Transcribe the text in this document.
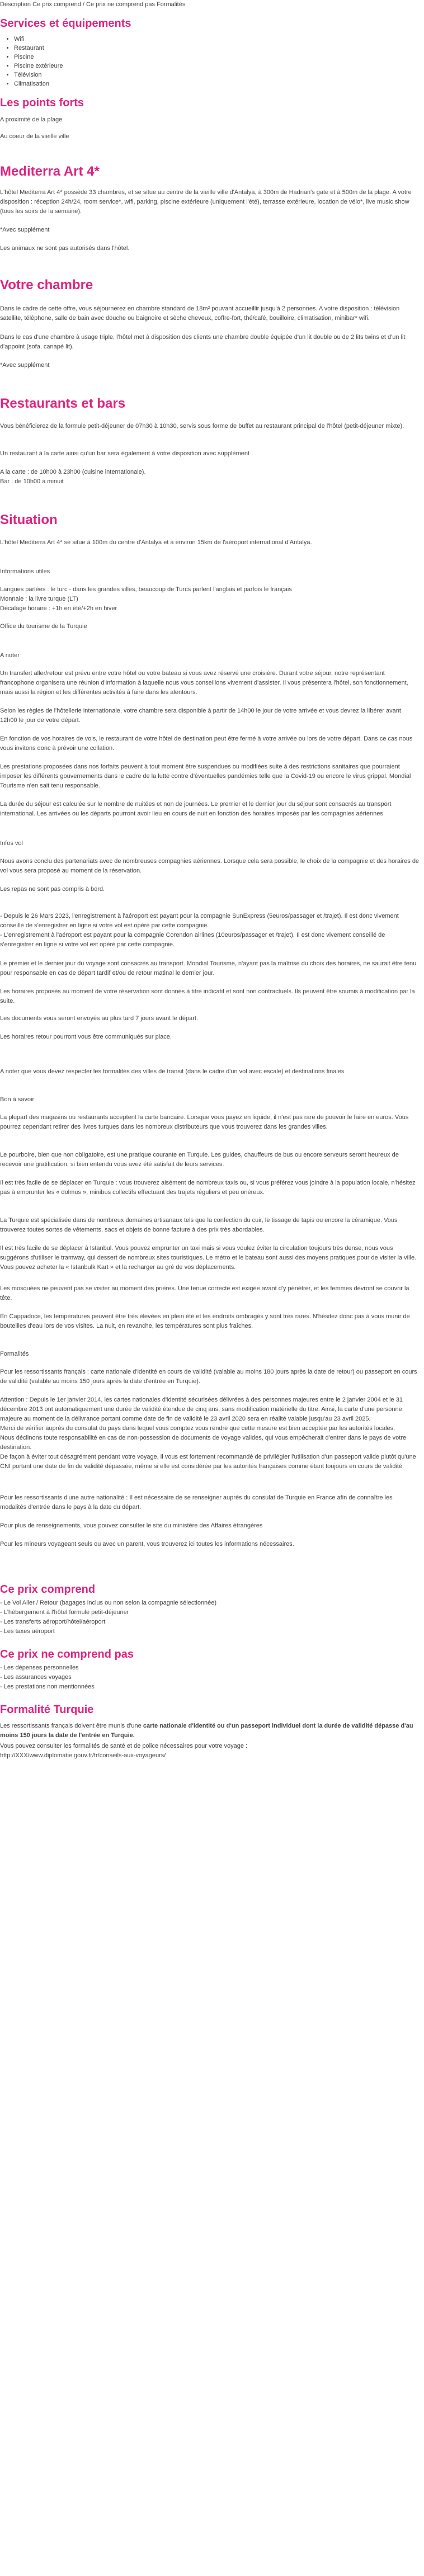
Description Ce prix comprend / Ce prix ne comprend pas Formalités
Services et équipements
• Wifi
• Restaurant
• Piscine
• Piscine extérieure
• Télévision
• Climatisation
Les points forts
A proximité de la plage
Au coeur de la vieille ville
Mediterra Art 4*
L'hôtel Mediterra Art 4* possède 33 chambres, et se situe au centre de la vieille ville d'Antalya, à 300m de Hadrian's gate et à 500m de la plage. A votre disposition : réception 24h/24, room service*, wifi, parking, piscine extérieure (uniquement l'été), terrasse extérieure, location de vélo*, live music show (tous les soirs de la semaine).
*Avec supplément
Les animaux ne sont pas autorisés dans l'hôtel.
Votre chambre
Dans le cadre de cette offre, vous séjournerez en chambre standard de 18m² pouvant accueillir jusqu'à 2 personnes. A votre disposition : télévision satellite, téléphone, salle de bain avec douche ou baignoire et sèche cheveux, coffre-fort, thé/café, bouilloire, climatisation, minibar* wifi.
Dans le cas d'une chambre à usage triple, l'hôtel met à disposition des clients une chambre double équipée d'un lit double ou de 2 lits twins et d'un lit d'appoint (sofa, canapé lit).
*Avec supplément
Restaurants et bars
Vous bénéficierez de la formule petit-déjeuner de 07h30 à 10h30, servis sous forme de buffet au restaurant principal de l'hôtel (petit-déjeuner mixte).
Un restaurant à la carte ainsi qu'un bar sera également à votre disposition avec supplément :
A la carte : de 10h00 à 23h00 (cuisine internationale).
Bar : de 10h00 à minuit
Situation
L'hôtel Mediterra Art 4* se situe à 100m du centre d'Antalya et à environ 15km de l'aéroport international d'Antalya.
Informations utiles
Langues parlées : le turc - dans les grandes villes, beaucoup de Turcs parlent l'anglais et parfois le français
Monnaie : la livre turque (LT)
Décalage horaire : +1h en été/+2h en hiver
Office du tourisme de la Turquie
A noter
Un transfert aller/retour est prévu entre votre hôtel ou votre bateau si vous avez réservé une croisière. Durant votre séjour, notre représentant francophone organisera une réunion d'information à laquelle nous vous conseillons vivement d'assister. Il vous présentera l'hôtel, son fonctionnement, mais aussi la région et les différentes activités à faire dans les alentours.
Selon les règles de l'hôtellerie internationale, votre chambre sera disponible à partir de 14h00 le jour de votre arrivée et vous devrez la libérer avant 12h00 le jour de votre départ.
En fonction de vos horaires de vols, le restaurant de votre hôtel de destination peut être fermé à votre arrivée ou lors de votre départ. Dans ce cas nous vous invitons donc à prévoir une collation.
Les prestations proposées dans nos forfaits peuvent à tout moment être suspendues ou modifiées suite à des restrictions sanitaires que pourraient imposer les différents gouvernements dans le cadre de la lutte contre d'éventuelles pandémies telle que la Covid-19 ou encore le virus grippal. Mondial Tourisme n'en sait tenu responsable.
La durée du séjour est calculée sur le nombre de nuitées et non de journées. Le premier et le dernier jour du séjour sont consacrés au transport international. Les arrivées ou les départs pourront avoir lieu en cours de nuit en fonction des horaires imposés par les compagnies aériennes
Infos vol
Nous avons conclu des partenariats avec de nombreuses compagnies aériennes. Lorsque cela sera possible, le choix de la compagnie et des horaires de vol vous sera proposé au moment de la réservation.
Les repas ne sont pas compris à bord.
- Depuis le 26 Mars 2023, l'enregistrement à l'aéroport est payant pour la compagnie SunExpress (5euros/passager et /trajet). Il est donc vivement conseillé de s'enregistrer en ligne si votre vol est opéré par cette compagnie.
- L'enregistrement à l'aéroport est payant pour la compagnie Corendon airlines (10euros/passager et /trajet). Il est donc vivement conseillé de s'enregistrer en ligne si votre vol est opéré par cette compagnie.
Le premier et le dernier jour du voyage sont consacrés au transport. Mondial Tourisme, n'ayant pas la maîtrise du choix des horaires, ne saurait être tenu pour responsable en cas de départ tardif et/ou de retour matinal le dernier jour.
Les horaires proposés au moment de votre réservation sont donnés à titre indicatif et sont non contractuels. Ils peuvent être soumis à modification par la suite.
Les documents vous seront envoyés au plus tard 7 jours avant le départ.
Les horaires retour pourront vous être communiqués sur place.
A noter que vous devez respecter les formalités des villes de transit (dans le cadre d'un vol avec escale) et destinations finales
Bon à savoir
La plupart des magasins ou restaurants acceptent la carte bancaire. Lorsque vous payez en liquide, il n'est pas rare de pouvoir le faire en euros. Vous pourrez cependant retirer des livres turques dans les nombreux distributeurs que vous trouverez dans les grandes villes.
Le pourboire, bien que non obligatoire, est une pratique courante en Turquie. Les guides, chauffeurs de bus ou encore serveurs seront heureux de recevoir une gratification, si bien entendu vous avez été satisfait de leurs services.
Il est très facile de se déplacer en Turquie : vous trouverez aisément de nombreux taxis ou, si vous préférez vous joindre à la population locale, n'hésitez pas à emprunter les « dolmus », minibus collectifs effectuant des trajets réguliers et peu onéreux.
La Turquie est spécialisée dans de nombreux domaines artisanaux tels que la confection du cuir, le tissage de tapis ou encore la céramique. Vous trouverez toutes sortes de vêtements, sacs et objets de bonne facture à des prix très abordables.
Il est très facile de se déplacer à Istanbul. Vous pouvez emprunter un taxi mais si vous voulez éviter la circulation toujours très dense, nous vous suggérons d'utiliser le tramway, qui dessert de nombreux sites touristiques. Le métro et le bateau sont aussi des moyens pratiques pour de visiter la ville. Vous pouvez acheter la « Istanbulk Kart » et la recharger au gré de vos déplacements.
Les mosquées ne peuvent pas se visiter au moment des prières. Une tenue correcte est exigée avant d'y pénétrer, et les femmes devront se couvrir la tête.
En Cappadoce, les températures peuvent être très élevées en plein été et les endroits ombragés y sont très rares. N'hésitez donc pas à vous munir de bouteilles d'eau lors de vos visites. La nuit, en revanche, les températures sont plus fraîches.
Formalités
Pour les ressortissants français : carte nationale d'identité en cours de validité (valable au moins 180 jours après la date de retour) ou passeport en cours de validité (valable au moins 150 jours après la date d'entrée en Turquie).
Attention : Depuis le 1er janvier 2014, les cartes nationales d'identité sécurisées délivrées à des personnes majeures entre le 2 janvier 2004 et le 31 décembre 2013 ont automatiquement une durée de validité étendue de cinq ans, sans modification matérielle du titre. Ainsi, la carte d'une personne majeure au moment de la délivrance portant comme date de fin de validité le 23 avril 2020 sera en réalité valable jusqu'au 23 avril 2025.
Merci de vérifier auprès du consulat du pays dans lequel vous comptez vous rendre que cette mesure est bien acceptée par les autorités locales.
Nous déclinons toute responsabilité en cas de non-possession de documents de voyage valides, qui vous empêcherait d'entrer dans le pays de votre destination.
De façon à éviter tout désagrément pendant votre voyage, il vous est fortement recommandé de privilégier l'utilisation d'un passeport valide plutôt qu'une CNI portant une date de fin de validité dépassée, même si elle est considérée par les autorités françaises comme étant toujours en cours de validité.
Pour les ressortissants d'une autre nationalité : Il est nécessaire de se renseigner auprès du consulat de Turquie en France afin de connaître les modalités d'entrée dans le pays à la date du départ.
Pour plus de renseignements, vous pouvez consulter le site du ministère des Affaires étrangères
Pour les mineurs voyageant seuls ou avec un parent, vous trouverez ici toutes les informations nécessaires.
Ce prix comprend
- Le Vol Aller / Retour (bagages inclus ou non selon la compagnie sélectionnée)
- L'hébergement à l'hôtel formule petit-déjeuner
- Les transferts aéroport/hôtel/aéroport
- Les taxes aéroport
Ce prix ne comprend pas
- Les dépenses personnelles
- Les assurances voyages
- Les prestations non mentionnées
Formalité Turquie
Les ressortissants français doivent être munis d'une carte nationale d'identité ou d'un passeport individuel dont la durée de validité dépasse d'au moins 150 jours la date de l'entrée en Turquie.
Vous pouvez consulter les formalités de santé et de police nécessaires pour votre voyage :
http://XXX/www.diplomatie.gouv.fr/fr/conseils-aux-voyageurs/
